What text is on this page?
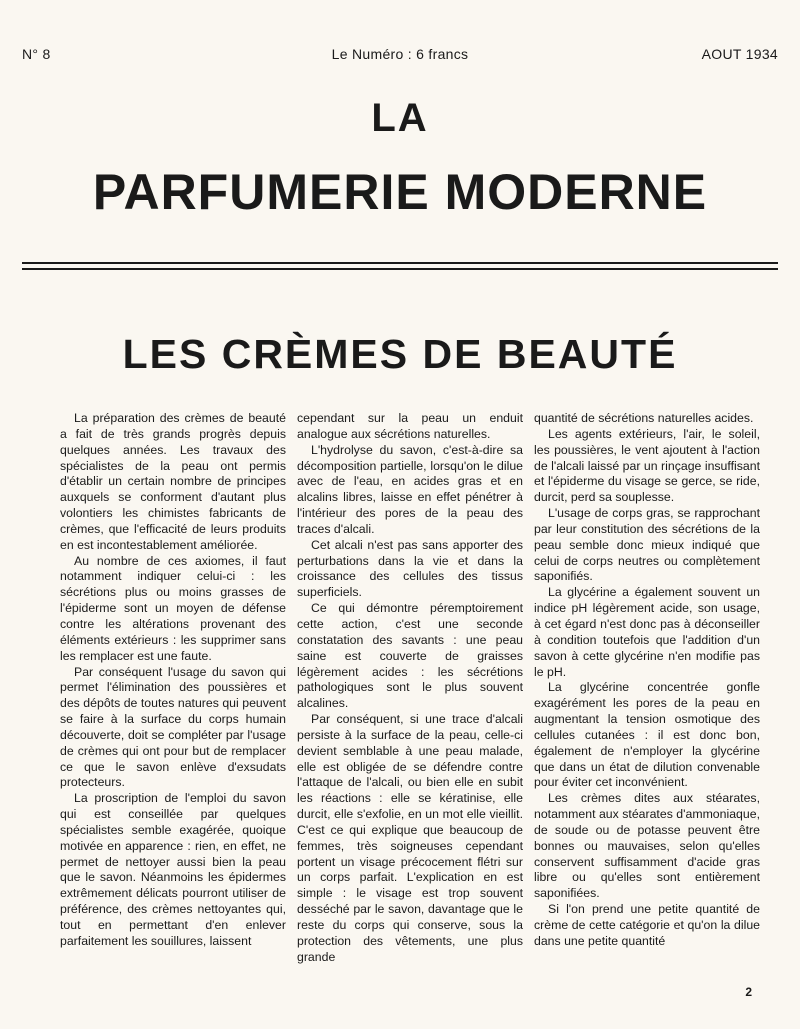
N° 8	Le Numéro : 6 francs	AOUT 1934
LA
PARFUMERIE MODERNE
LES CRÈMES DE BEAUTÉ

La préparation des crèmes de beauté a fait de très grands progrès depuis quelques années. Les travaux des spécialistes de la peau ont permis d'établir un certain nombre de principes auxquels se conforment d'autant plus volontiers les chimistes fabricants de crèmes, que l'efficacité de leurs produits en est incontestablement améliorée.

Au nombre de ces axiomes, il faut notamment indiquer celui-ci : les sécrétions plus ou moins grasses de l'épiderme sont un moyen de défense contre les altérations provenant des éléments extérieurs : les supprimer sans les remplacer est une faute.

Par conséquent l'usage du savon qui permet l'élimination des poussières et des dépôts de toutes natures qui peuvent se faire à la surface du corps humain découverte, doit se compléter par l'usage de crèmes qui ont pour but de remplacer ce que le savon enlève d'exsudats protecteurs.

La proscription de l'emploi du savon qui est conseillée par quelques spécialistes semble exagérée, quoique motivée en apparence : rien, en effet, ne permet de nettoyer aussi bien la peau que le savon. Néanmoins les épidermes extrêmement délicats pourront utiliser de préférence, des crèmes nettoyantes qui, tout en permettant d'en enlever parfaitement les souillures, laissent

cependant sur la peau un enduit analogue aux sécrétions naturelles.

L'hydrolyse du savon, c'est-à-dire sa décomposition partielle, lorsqu'on le dilue avec de l'eau, en acides gras et en alcalins libres, laisse en effet pénétrer à l'intérieur des pores de la peau des traces d'alcali.

Cet alcali n'est pas sans apporter des perturbations dans la vie et dans la croissance des cellules des tissus superficiels.

Ce qui démontre péremptoirement cette action, c'est une seconde constatation des savants : une peau saine est couverte de graisses légèrement acides : les sécrétions pathologiques sont le plus souvent alcalines.

Par conséquent, si une trace d'alcali persiste à la surface de la peau, celle-ci devient semblable à une peau malade, elle est obligée de se défendre contre l'attaque de l'alcali, ou bien elle en subit les réactions : elle se kératinise, elle durcit, elle s'exfolie, en un mot elle vieillit. C'est ce qui explique que beaucoup de femmes, très soigneuses cependant portent un visage précocement flétri sur un corps parfait. L'explication en est simple : le visage est trop souvent desséché par le savon, davantage que le reste du corps qui conserve, sous la protection des vêtements, une plus grande

quantité de sécrétions naturelles acides.

Les agents extérieurs, l'air, le soleil, les poussières, le vent ajoutent à l'action de l'alcali laissé par un rinçage insuffisant et l'épiderme du visage se gerce, se ride, durcit, perd sa souplesse.

L'usage de corps gras, se rapprochant par leur constitution des sécrétions de la peau semble donc mieux indiqué que celui de corps neutres ou complètement saponifiés.

La glycérine a également souvent un indice pH légèrement acide, son usage, à cet égard n'est donc pas à déconseiller à condition toutefois que l'addition d'un savon à cette glycérine n'en modifie pas le pH.

La glycérine concentrée gonfle exagérément les pores de la peau en augmentant la tension osmotique des cellules cutanées : il est donc bon, également de n'employer la glycérine que dans un état de dilution convenable pour éviter cet inconvénient.

Les crèmes dites aux stéarates, notamment aux stéarates d'ammoniaque, de soude ou de potasse peuvent être bonnes ou mauvaises, selon qu'elles conservent suffisamment d'acide gras libre ou qu'elles sont entièrement saponifiées.

Si l'on prend une petite quantité de crème de cette catégorie et qu'on la dilue dans une petite quantité

2
